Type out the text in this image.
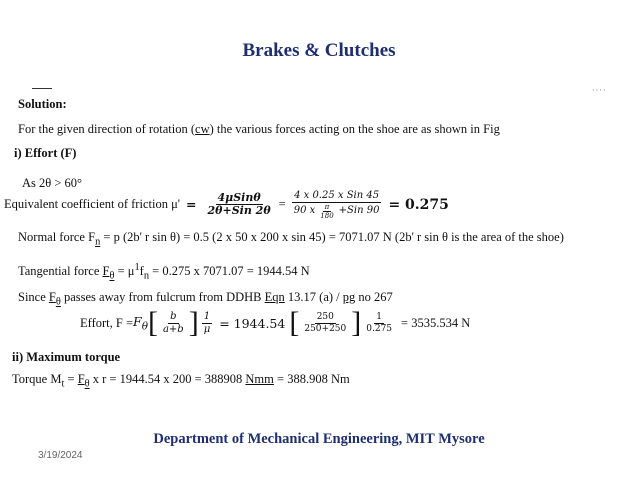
Brakes & Clutches
····
Solution:
For the given direction of rotation (cw) the various forces acting on the shoe are as shown in Fig
i) Effort (F)
As 2θ > 60°
Equivalent coefficient of friction $\mu' = \frac{\text{4μSinθ}}{\text{2θ+Sin 2θ}} = \frac{\text{4 x 0.25 x Sin 45}}{90 x \frac{\pi}{180} +Sin 90} = 0.275$
Normal force $F_n = p$ (2b' r sin θ) = 0.5 (2 x 50 x 200 x sin 45) = 7071.07 N (2b' r sin θ is the area of the shoe)
Tangential force $F_\theta = \mu^1f_n = 0.275$ x 7071.07 = 1944.54 N
Since $F_\theta$ passes away from fulcrum from DDHB Eqn 13.17 (a) / pg no 267
Effort, $F = F_\theta$ [ $\frac{b}{a+b}$ ] $\frac{1}{\mu} = 1944.54$ [ $\frac{250}{250+250}$ ] $\frac{1}{0.275} = 3535.534$ N
ii) Maximum torque
Torque $M_t = F_\theta$ x r = 1944.54 x 200 = 388908 Nmm = 388.908 Nm
Department of Mechanical Engineering, MIT Mysore
3/19/2024
